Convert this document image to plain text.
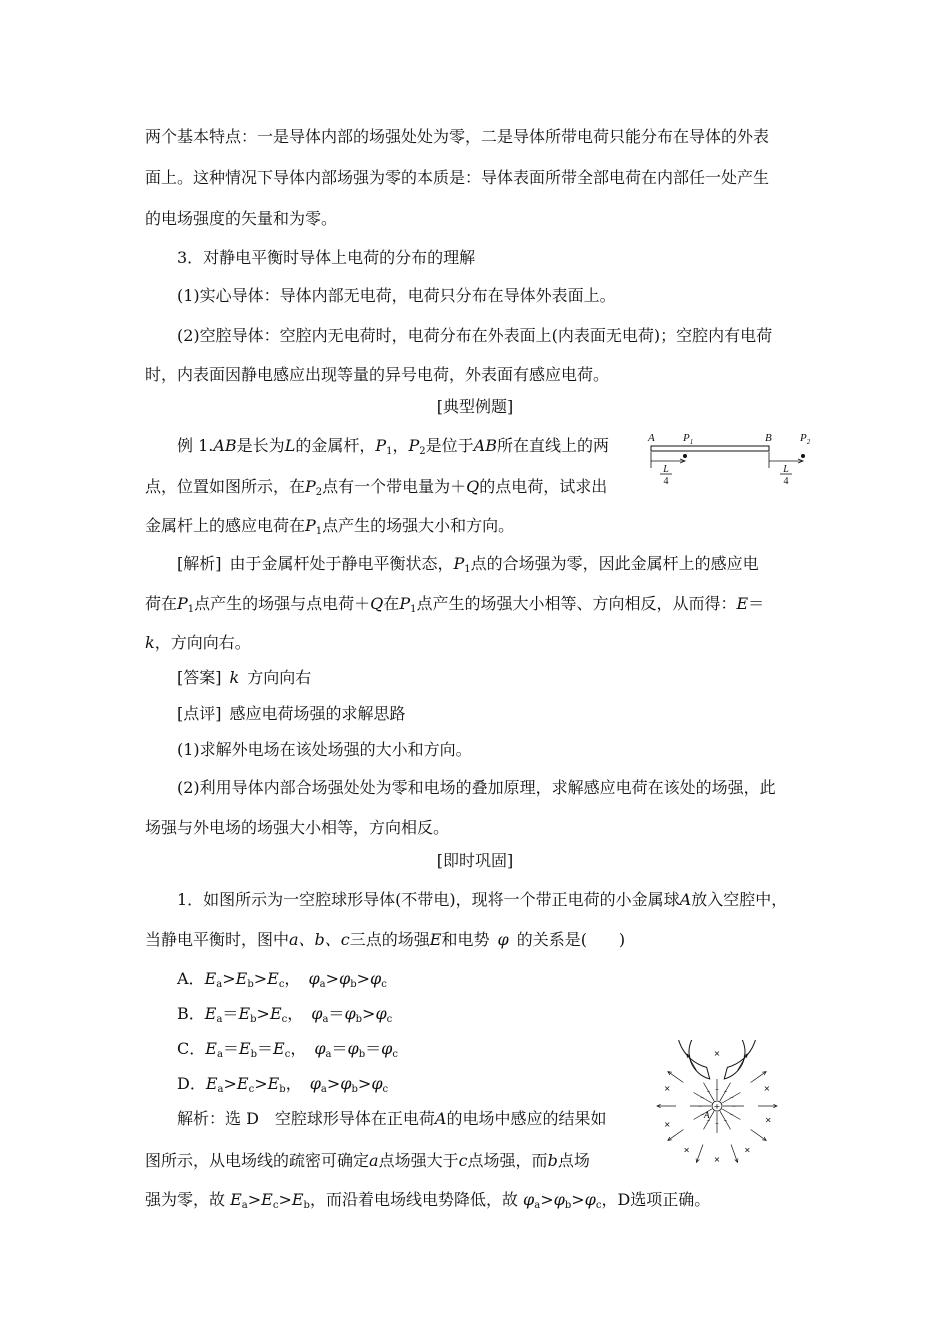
两个基本特点：一是导体内部的场强处处为零，二是导体所带电荷只能分布在导体的外表
面上。这种情况下导体内部场强为零的本质是：导体表面所带全部电荷在内部任一处产生
的电场强度的矢量和为零。
3．对静电平衡时导体上电荷的分布的理解
(1)实心导体：导体内部无电荷，电荷只分布在导体外表面上。
(2)空腔导体：空腔内无电荷时，电荷分布在外表面上(内表面无电荷)；空腔内有电荷
时，内表面因静电感应出现等量的异号电荷，外表面有感应电荷。
[典型例题]
例 1.AB是长为L的金属杆，$P_1$，$P_2$是位于AB所在直线上的两
点，位置如图所示，在$P_2$点有一个带电量为＋Q的点电荷，试求出
金属杆上的感应电荷在$P_1$点产生的场强大小和方向。
A	$P_1$	B	$P_2$
L
4
L
4
[解析]  由于金属杆处于静电平衡状态，$P_1$点的合场强为零，因此金属杆上的感应电
荷在$P_1$点产生的场强与点电荷＋Q在$P_1$点产生的场强大小相等、方向相反，从而得：E＝
k，方向向右。
[答案]  k  方向向右
[点评]  感应电荷场强的求解思路
(1)求解外电场在该处场强的大小和方向。
(2)利用导体内部合场强处处为零和电场的叠加原理，求解感应电荷在该处的场强，此
场强与外电场的场强大小相等，方向相反。
[即时巩固]
1．如图所示为一空腔球形导体(不带电)，现将一个带正电荷的小金属球A放入空腔中，
当静电平衡时，图中a、b、c三点的场强E和电势  φ  的关系是(　　)
A．$E_a>E_b>E_c$， $\varphi_a>\varphi_b>\varphi_c$
B．$E_a=E_b>E_c$， $\varphi_a=\varphi_b>\varphi_c$
C．$E_a=E_b=E_c$， $\varphi_a=\varphi_b=\varphi_c$
D．$E_a>E_c>E_b$， $\varphi_a>\varphi_b>\varphi_c$
解析：选 D　空腔球形导体在正电荷A的电场中感应的结果如
图所示，从电场线的疏密可确定a点场强大于c点场强，而b点场
强为零，故 $E_a>E_c>E_b$，而沿着电场线电势降低，故 $\varphi_a>\varphi_b>\varphi_c$，D选项正确。
−
−
−
−
−
−
−
−
− − −
−
+
A
×
×
×
×
×
×
×
×
